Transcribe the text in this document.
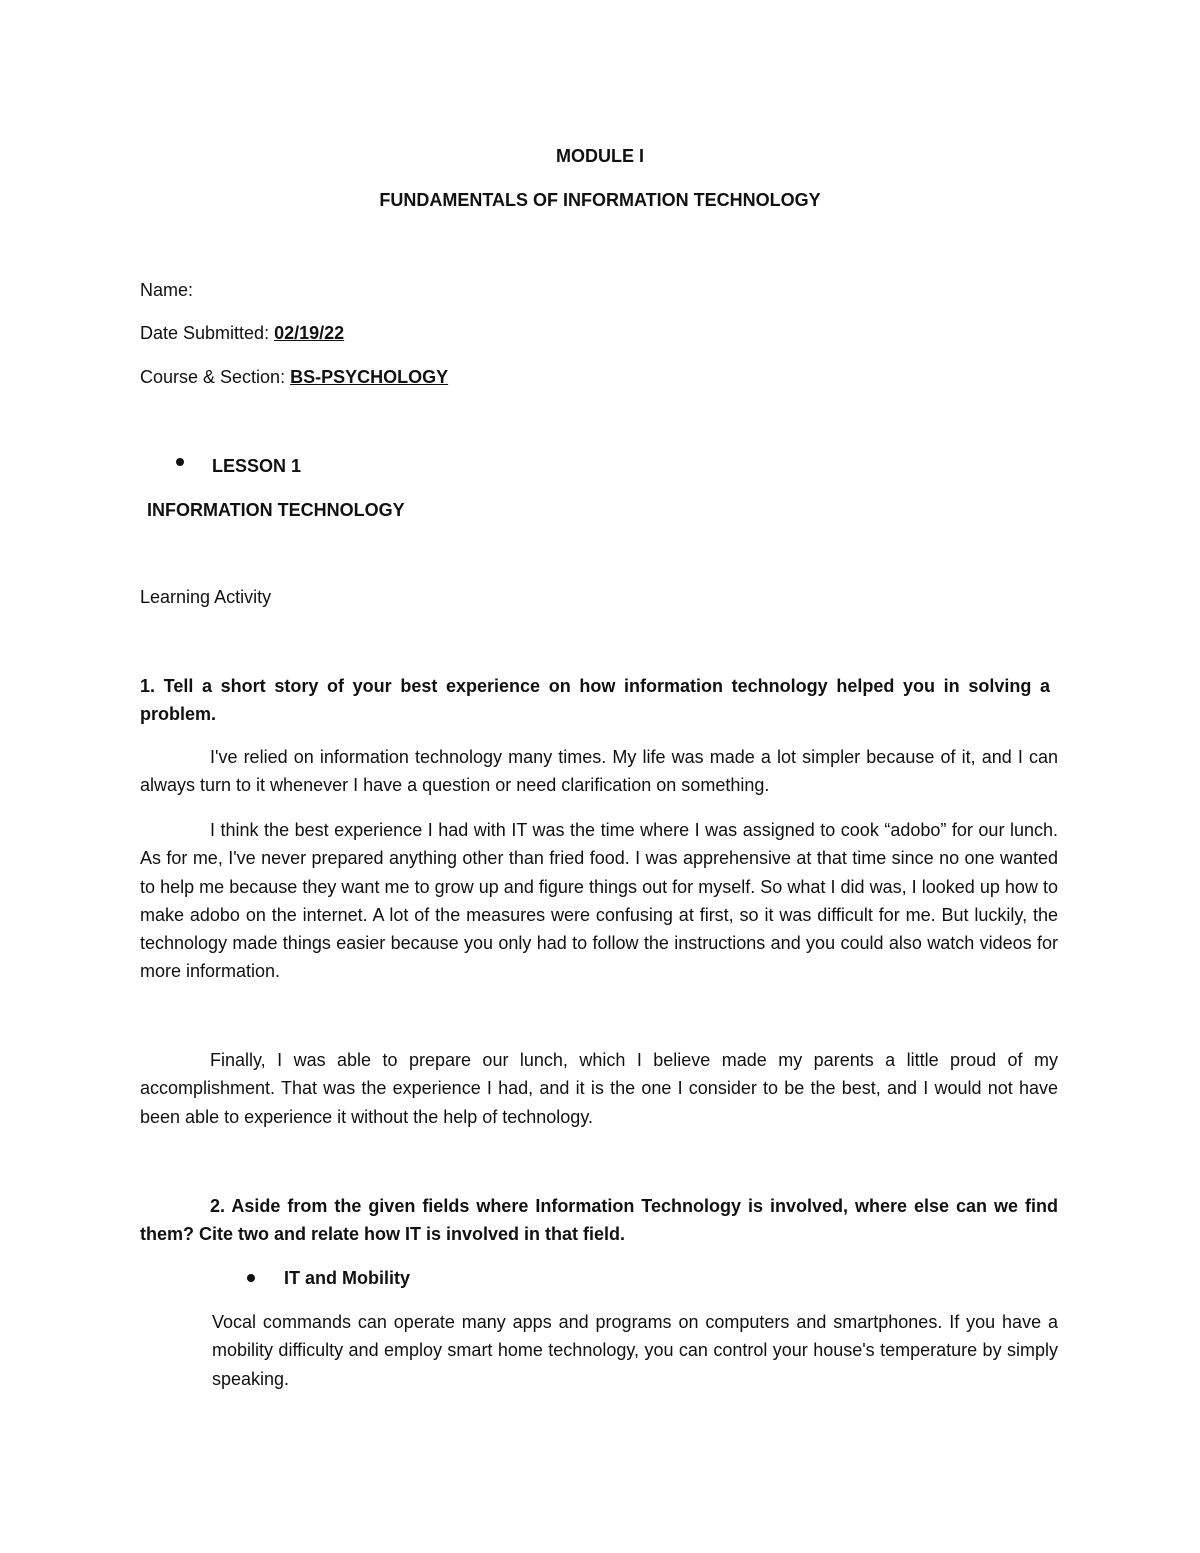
MODULE I
FUNDAMENTALS OF INFORMATION TECHNOLOGY
Name:
Date Submitted: 02/19/22
Course & Section: BS-PSYCHOLOGY
LESSON 1
INFORMATION TECHNOLOGY
Learning Activity
1. Tell a short story of your best experience on how information technology helped you in solving a problem.
I've relied on information technology many times. My life was made a lot simpler because of it, and I can always turn to it whenever I have a question or need clarification on something.
I think the best experience I had with IT was the time where I was assigned to cook “adobo” for our lunch. As for me, I've never prepared anything other than fried food. I was apprehensive at that time since no one wanted to help me because they want me to grow up and figure things out for myself. So what I did was, I looked up how to make adobo on the internet. A lot of the measures were confusing at first, so it was difficult for me. But luckily, the technology made things easier because you only had to follow the instructions and you could also watch videos for more information.
Finally, I was able to prepare our lunch, which I believe made my parents a little proud of my accomplishment. That was the experience I had, and it is the one I consider to be the best, and I would not have been able to experience it without the help of technology.
2. Aside from the given fields where Information Technology is involved, where else can we find them? Cite two and relate how IT is involved in that field.
IT and Mobility
Vocal commands can operate many apps and programs on computers and smartphones. If you have a mobility difficulty and employ smart home technology, you can control your house's temperature by simply speaking.
